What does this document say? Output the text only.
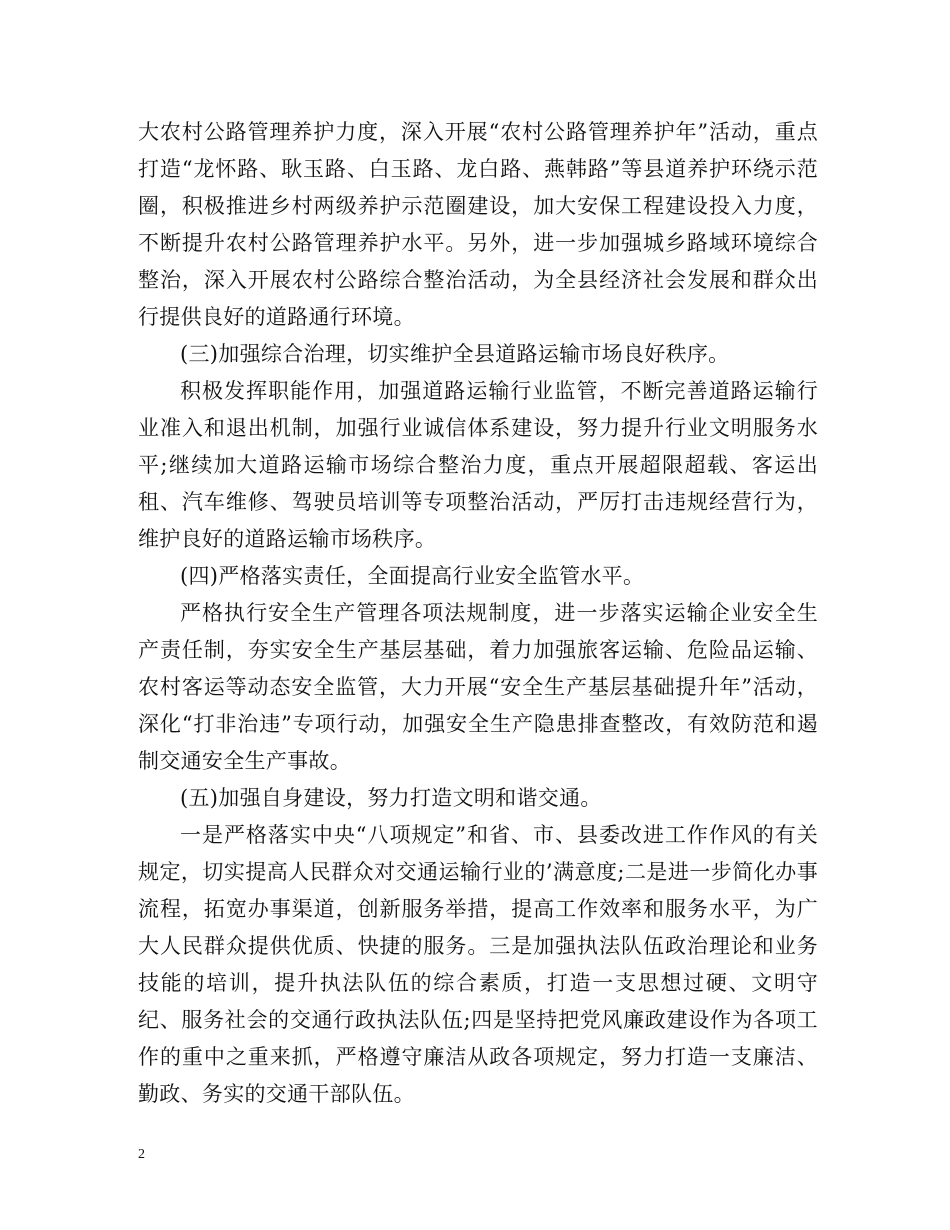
大农村公路管理养护力度，深入开展“农村公路管理养护年”活动，重点打造“龙怀路、耿玉路、白玉路、龙白路、燕韩路”等县道养护环绕示范圈，积极推进乡村两级养护示范圈建设，加大安保工程建设投入力度，不断提升农村公路管理养护水平。另外，进一步加强城乡路域环境综合整治，深入开展农村公路综合整治活动，为全县经济社会发展和群众出行提供良好的道路通行环境。

(三)加强综合治理，切实维护全县道路运输市场良好秩序。

积极发挥职能作用，加强道路运输行业监管，不断完善道路运输行业准入和退出机制，加强行业诚信体系建设，努力提升行业文明服务水平;继续加大道路运输市场综合整治力度，重点开展超限超载、客运出租、汽车维修、驾驶员培训等专项整治活动，严厉打击违规经营行为，维护良好的道路运输市场秩序。

(四)严格落实责任，全面提高行业安全监管水平。

严格执行安全生产管理各项法规制度，进一步落实运输企业安全生产责任制，夯实安全生产基层基础，着力加强旅客运输、危险品运输、农村客运等动态安全监管，大力开展“安全生产基层基础提升年”活动，深化“打非治违”专项行动，加强安全生产隐患排查整改，有效防范和遏制交通安全生产事故。

(五)加强自身建设，努力打造文明和谐交通。

一是严格落实中央“八项规定”和省、市、县委改进工作作风的有关规定，切实提高人民群众对交通运输行业的’满意度;二是进一步简化办事流程，拓宽办事渠道，创新服务举措，提高工作效率和服务水平，为广大人民群众提供优质、快捷的服务。三是加强执法队伍政治理论和业务技能的培训，提升执法队伍的综合素质，打造一支思想过硬、文明守纪、服务社会的交通行政执法队伍;四是坚持把党风廉政建设作为各项工作的重中之重来抓，严格遵守廉洁从政各项规定，努力打造一支廉洁、勤政、务实的交通干部队伍。

2
